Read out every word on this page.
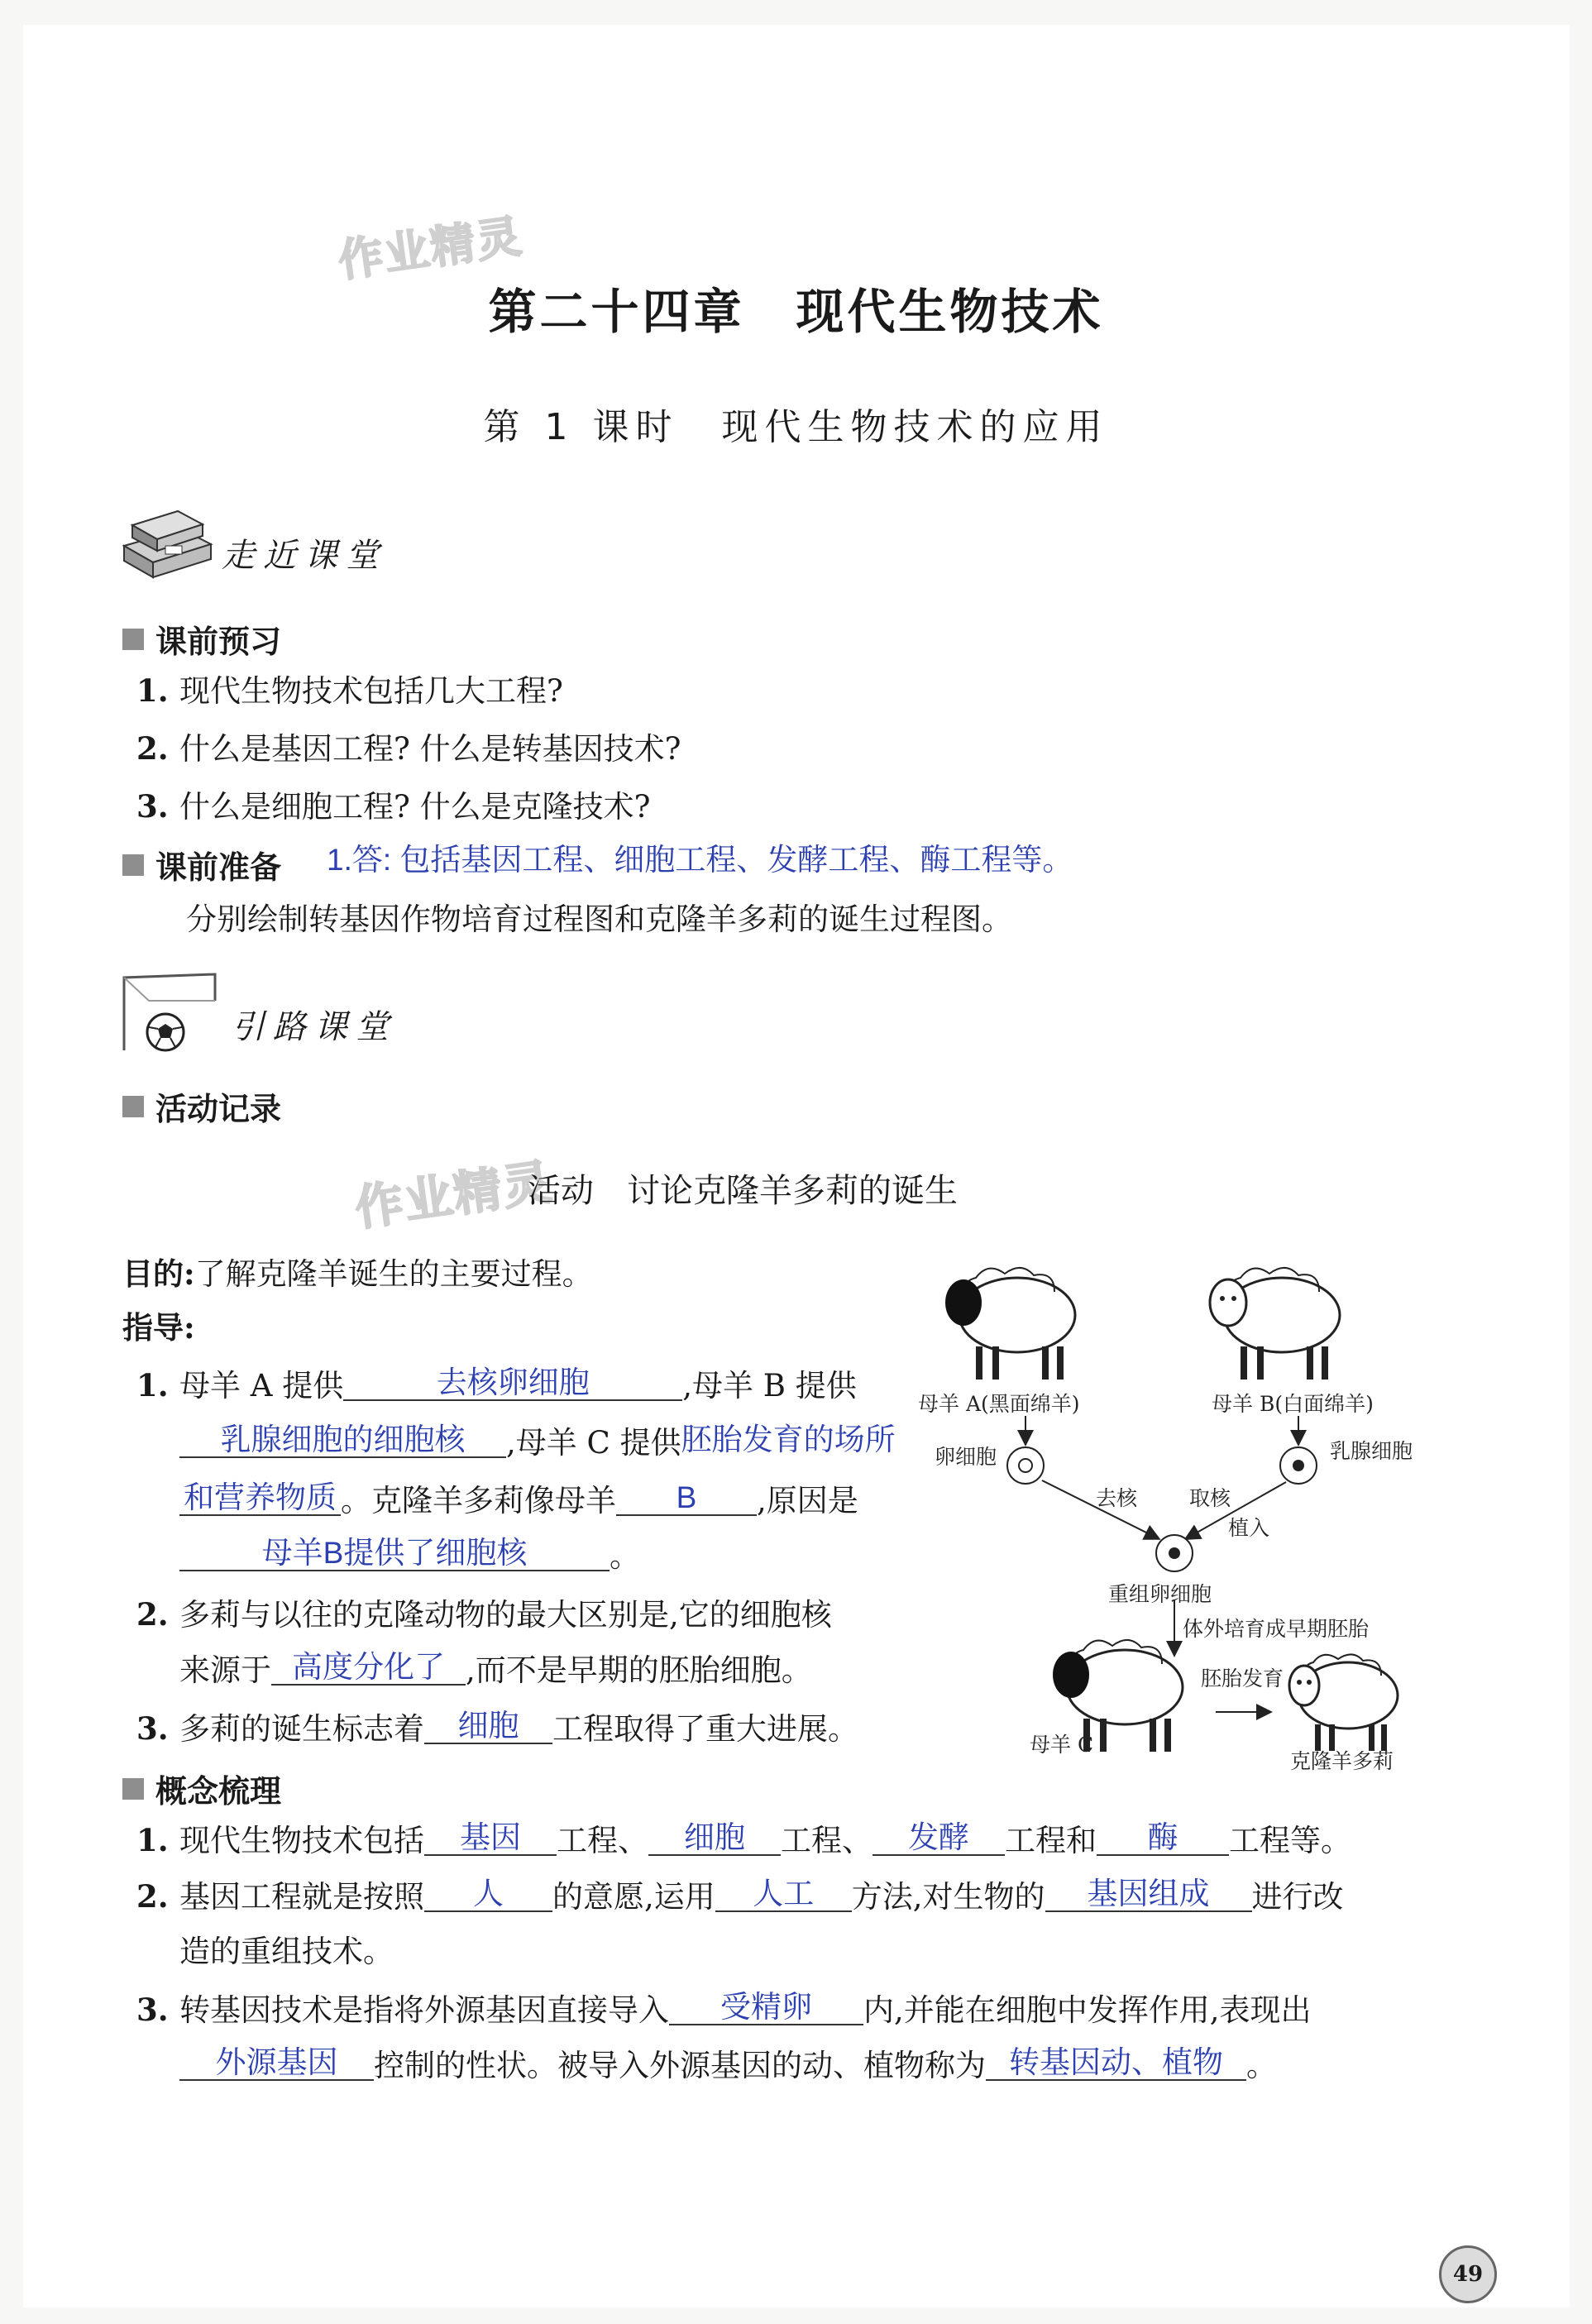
作业精灵
作业精灵
第二十四章　现代生物技术
第 1 课时　现代生物技术的应用
走近课堂
课前预习
1. 现代生物技术包括几大工程?
2. 什么是基因工程? 什么是转基因技术?
3. 什么是细胞工程? 什么是克隆技术?
课前准备 1.答: 包括基因工程、细胞工程、发酵工程、酶工程等。
分别绘制转基因作物培育过程图和克隆羊多莉的诞生过程图。
引路课堂
活动记录
活动　讨论克隆羊多莉的诞生
目的:了解克隆羊诞生的主要过程。
指导:
1. 母羊 A 提供	去核卵细胞	,母羊 B 提供
乳腺细胞的细胞核 ,母羊 C 提供胚胎发育的场所
和营养物质 。克隆羊多莉像母羊 B ,原因是
母羊B提供了细胞核	。
2. 多莉与以往的克隆动物的最大区别是,它的细胞核
来源于 高度分化了 ,而不是早期的胚胎细胞。
3. 多莉的诞生标志着 细胞 工程取得了重大进展。
母羊 A(黑面绵羊)	母羊 B(白面绵羊)
卵细胞	乳腺细胞
去核	取核
植入
重组卵细胞
体外培育成早期胚胎
胚胎发育
母羊 C
克隆羊多莉
概念梳理
1. 现代生物技术包括 基因 工程、 细胞 工程、 发酵 工程和 酶 工程等。
2. 基因工程就是按照 人 的意愿,运用 人工 方法,对生物的 基因组成 进行改
造的重组技术。
3. 转基因技术是指将外源基因直接导入 受精卵 内,并能在细胞中发挥作用,表现出
外源基因 控制的性状。被导入外源基因的动、植物称为 转基因动、植物 。
49
